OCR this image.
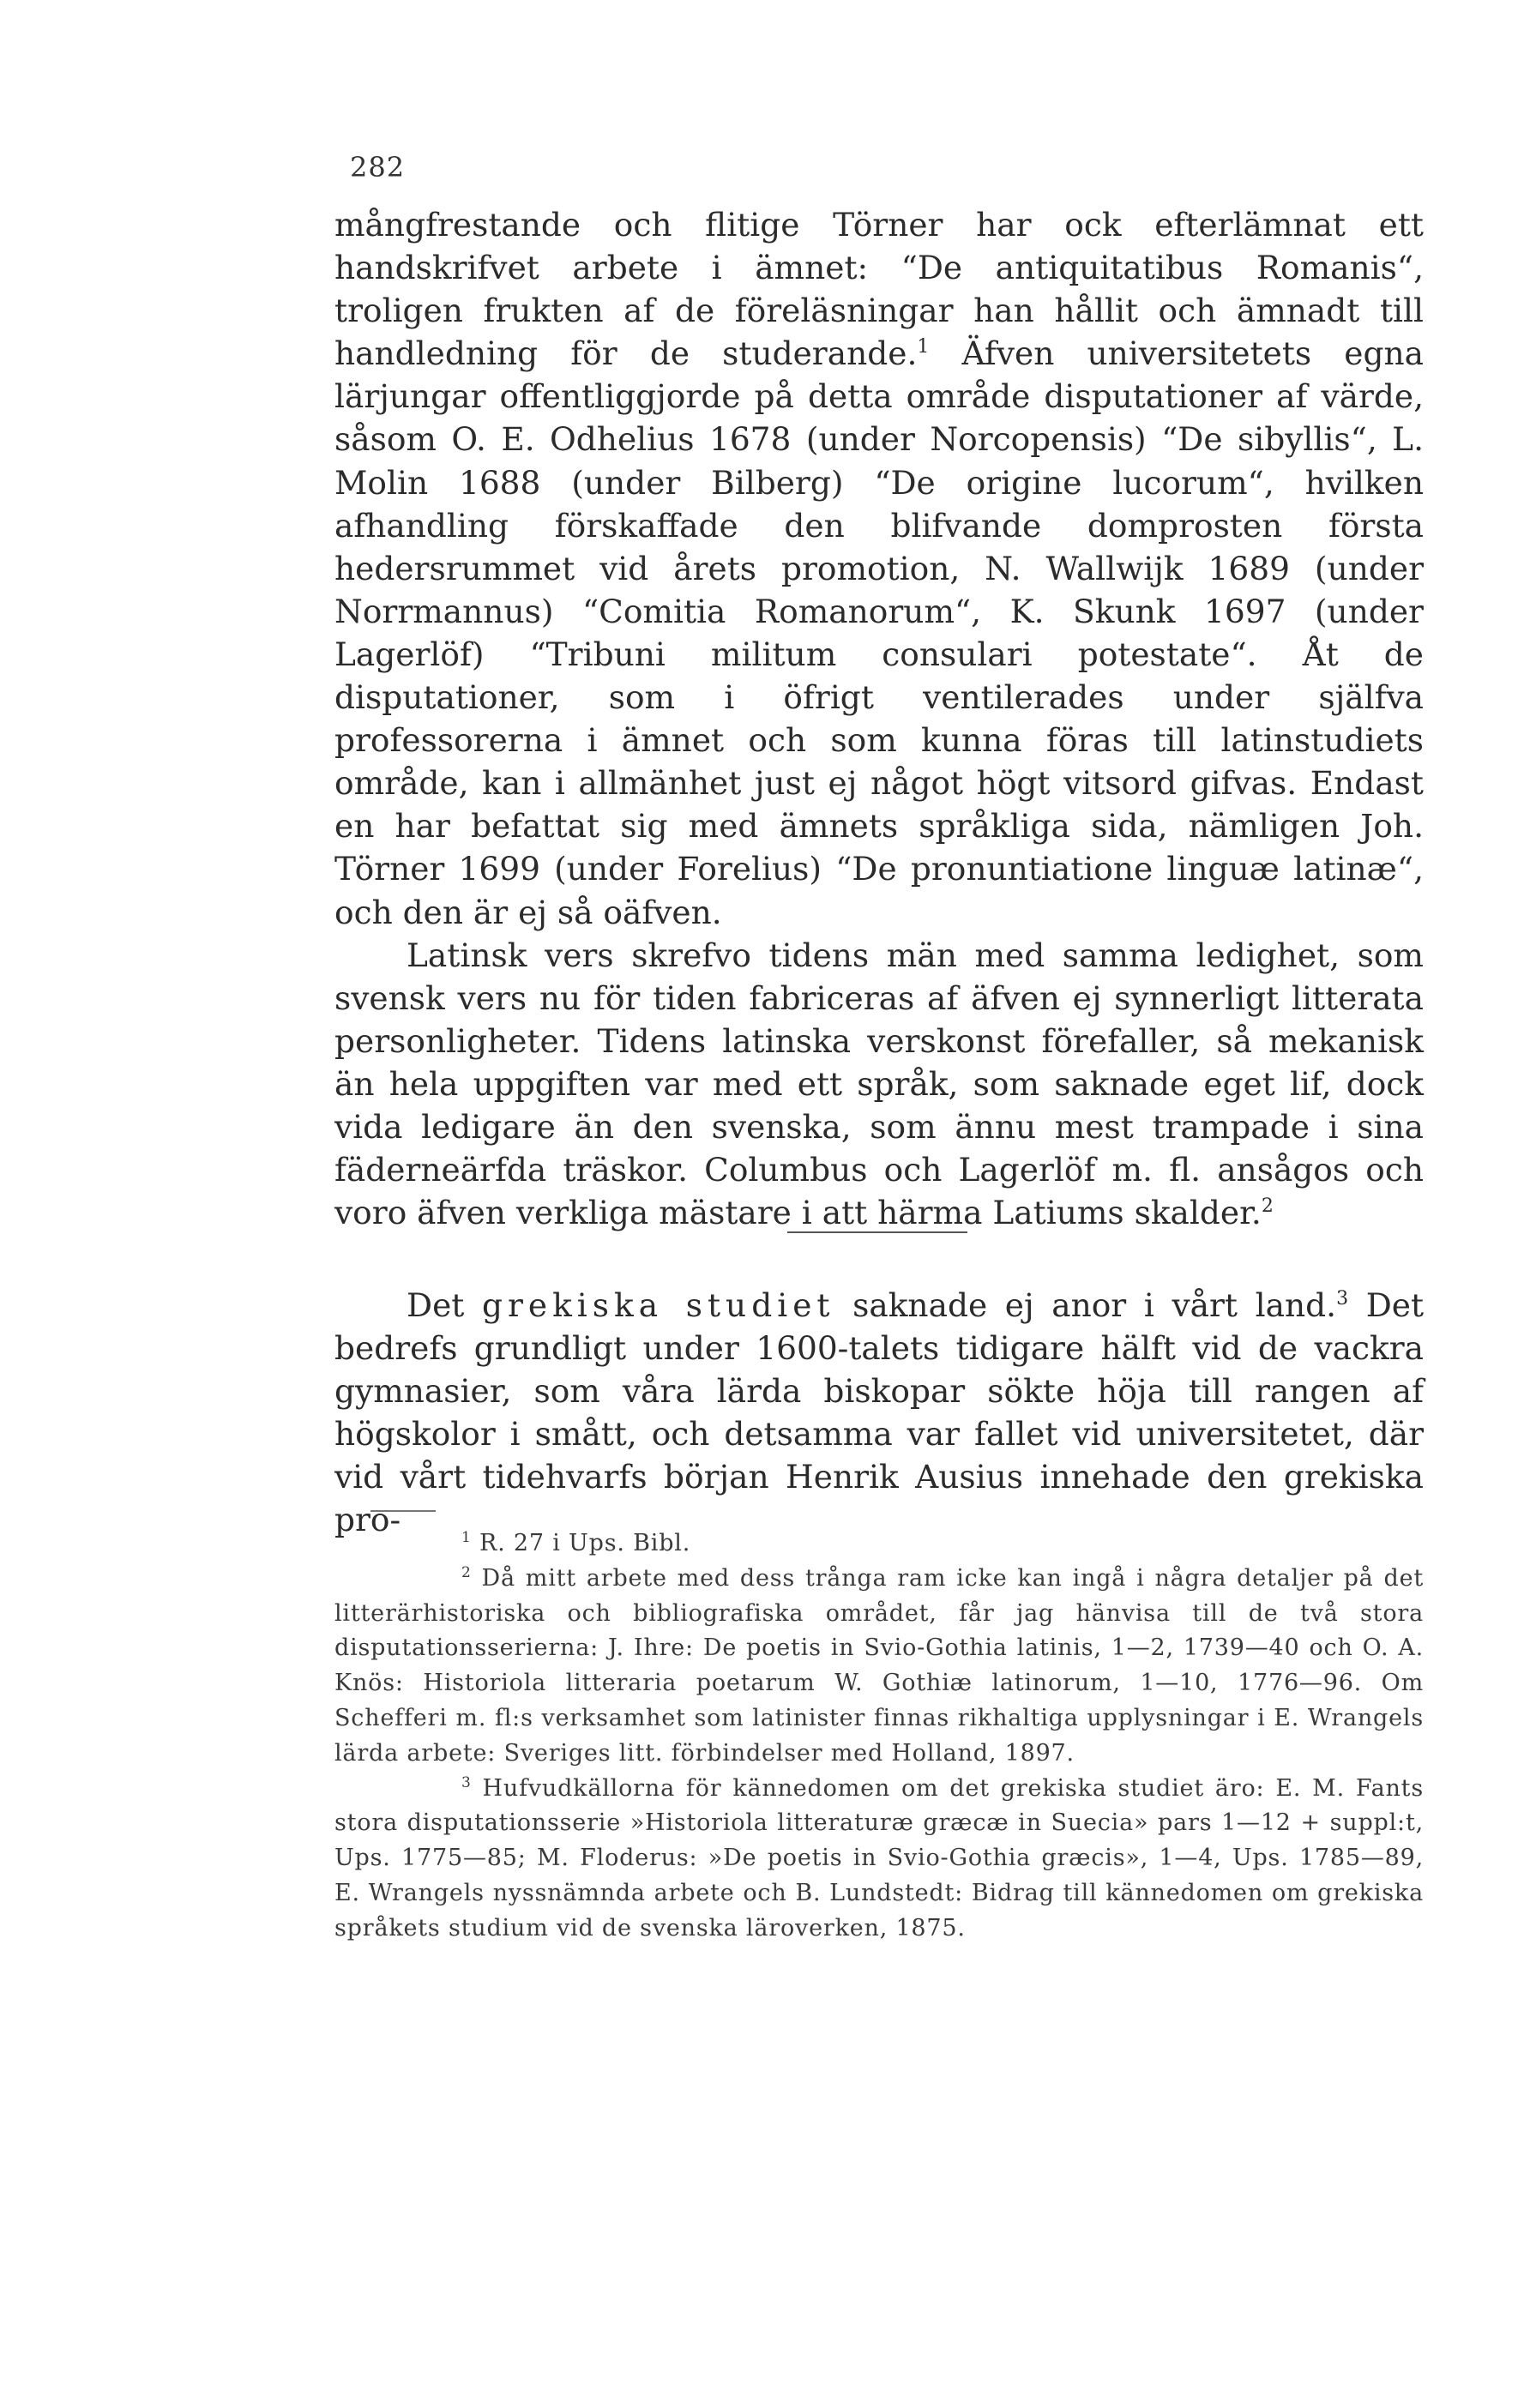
282

mångfrestande och flitige Törner har ock efterlämnat ett handskrifvet arbete i ämnet: “De antiquitatibus Romanis“, troligen frukten af de föreläsningar han hållit och ämnadt till handledning för de studerande.$^1$ Äfven universitetets egna lärjungar offentliggjorde på detta område disputationer af värde, såsom O. E. Odhelius 1678 (under Norcopensis) “De sibyllis“, L. Molin 1688 (under Bilberg) “De origine lucorum“, hvilken afhandling förskaffade den blifvande domprosten första hedersrummet vid årets promotion, N. Wallwijk 1689 (under Norrmannus) “Comitia Romanorum“, K. Skunk 1697 (under Lagerlöf) “Tribuni militum consulari potestate“. Åt de disputationer, som i öfrigt ventilerades under själfva professorerna i ämnet och som kunna föras till latinstudiets område, kan i allmänhet just ej något högt vitsord gifvas. Endast en har befattat sig med ämnets språkliga sida, nämligen Joh. Törner 1699 (under Forelius) “De pronuntiatione linguæ latinæ“, och den är ej så oäfven.

Latinsk vers skrefvo tidens män med samma ledighet, som svensk vers nu för tiden fabriceras af äfven ej synnerligt litterata personligheter. Tidens latinska verskonst förefaller, så mekanisk än hela uppgiften var med ett språk, som saknade eget lif, dock vida ledigare än den svenska, som ännu mest trampade i sina fäderneärfda träskor. Columbus och Lagerlöf m. fl. ansågos och voro äfven verkliga mästare i att härma Latiums skalder.$^2$

Det grekiska studiet saknade ej anor i vårt land.$^3$ Det bedrefs grundligt under 1600-talets tidigare hälft vid de vackra gymnasier, som våra lärda biskopar sökte höja till rangen af högskolor i smått, och detsamma var fallet vid universitetet, där vid vårt tidehvarfs början Henrik Ausius innehade den grekiska pro-	$^1$ R. 27 i Ups. Bibl.

$^2$ Då mitt arbete med dess trånga ram icke kan ingå i några detaljer på det litterärhistoriska och bibliografiska området, får jag hänvisa till de två stora disputationsserierna: J. Ihre: De poetis in Svio-Gothia latinis, 1—2, 1739—40 och O. A. Knös: Historiola litteraria poetarum W. Gothiæ latinorum, 1—10, 1776—96. Om Schefferi m. fl:s verksamhet som latinister finnas rikhaltiga upplysningar i E. Wrangels lärda arbete: Sveriges litt. förbindelser med Holland, 1897.

$^3$ Hufvudkällorna för kännedomen om det grekiska studiet äro: E. M. Fants stora disputationsserie »Historiola litteraturæ græcæ in Suecia» pars 1—12 + suppl:t, Ups. 1775—85; M. Floderus: »De poetis in Svio-Gothia græcis», 1—4, Ups. 1785—89, E. Wrangels nyssnämnda arbete och B. Lundstedt: Bidrag till kännedomen om grekiska språkets studium vid de svenska läroverken, 1875.
